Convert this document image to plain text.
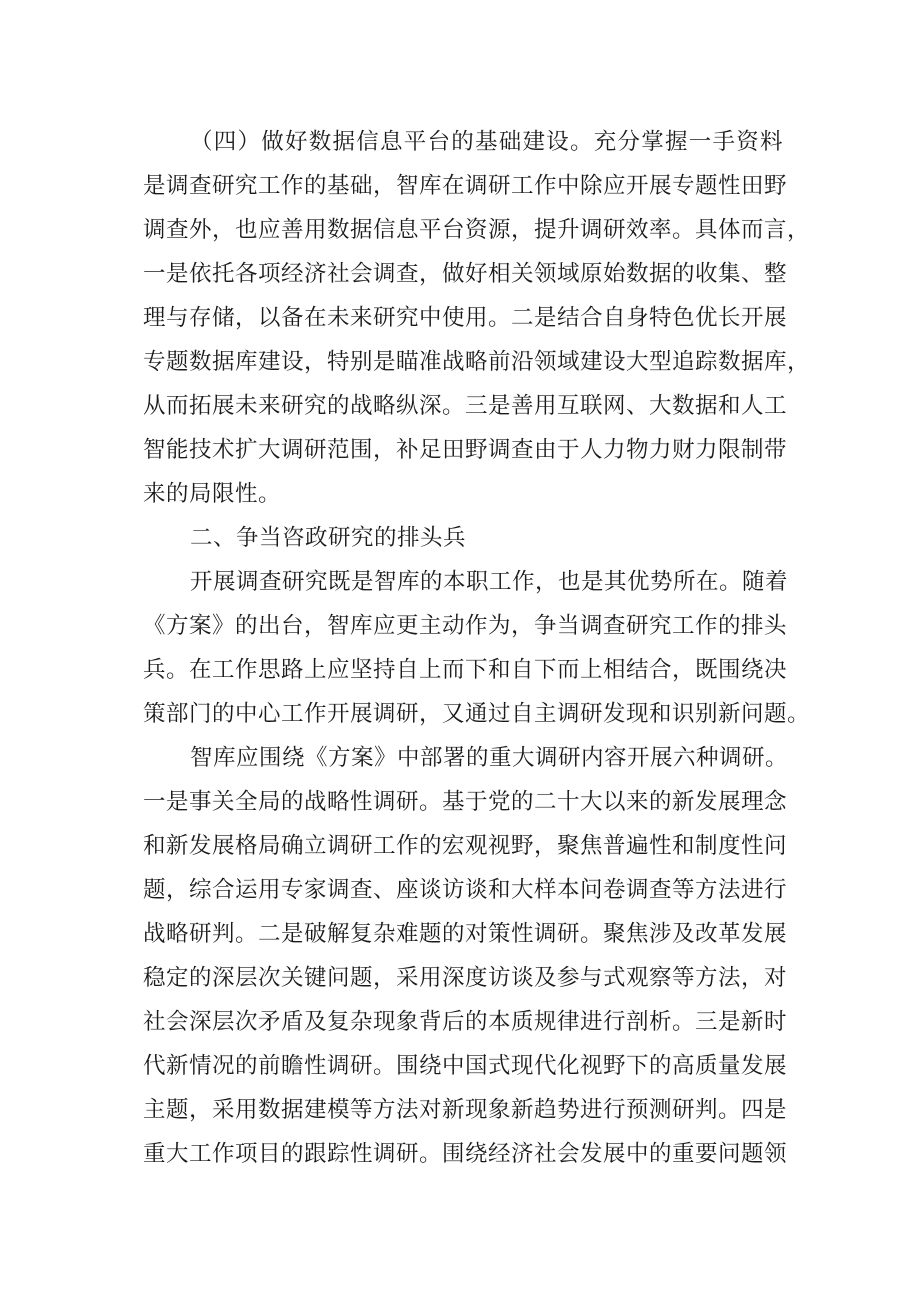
（四）做好数据信息平台的基础建设。充分掌握一手资料
是调查研究工作的基础，智库在调研工作中除应开展专题性田野
调查外，也应善用数据信息平台资源，提升调研效率。具体而言，
一是依托各项经济社会调查，做好相关领域原始数据的收集、整
理与存储，以备在未来研究中使用。二是结合自身特色优长开展
专题数据库建设，特别是瞄准战略前沿领域建设大型追踪数据库，
从而拓展未来研究的战略纵深。三是善用互联网、大数据和人工
智能技术扩大调研范围，补足田野调查由于人力物力财力限制带
来的局限性。
二、争当咨政研究的排头兵
开展调查研究既是智库的本职工作，也是其优势所在。随着
《方案》的出台，智库应更主动作为，争当调查研究工作的排头
兵。在工作思路上应坚持自上而下和自下而上相结合，既围绕决
策部门的中心工作开展调研，又通过自主调研发现和识别新问题。
智库应围绕《方案》中部署的重大调研内容开展六种调研。
一是事关全局的战略性调研。基于党的二十大以来的新发展理念
和新发展格局确立调研工作的宏观视野，聚焦普遍性和制度性问
题，综合运用专家调查、座谈访谈和大样本问卷调查等方法进行
战略研判。二是破解复杂难题的对策性调研。聚焦涉及改革发展
稳定的深层次关键问题，采用深度访谈及参与式观察等方法，对
社会深层次矛盾及复杂现象背后的本质规律进行剖析。三是新时
代新情况的前瞻性调研。围绕中国式现代化视野下的高质量发展
主题，采用数据建模等方法对新现象新趋势进行预测研判。四是
重大工作项目的跟踪性调研。围绕经济社会发展中的重要问题领
